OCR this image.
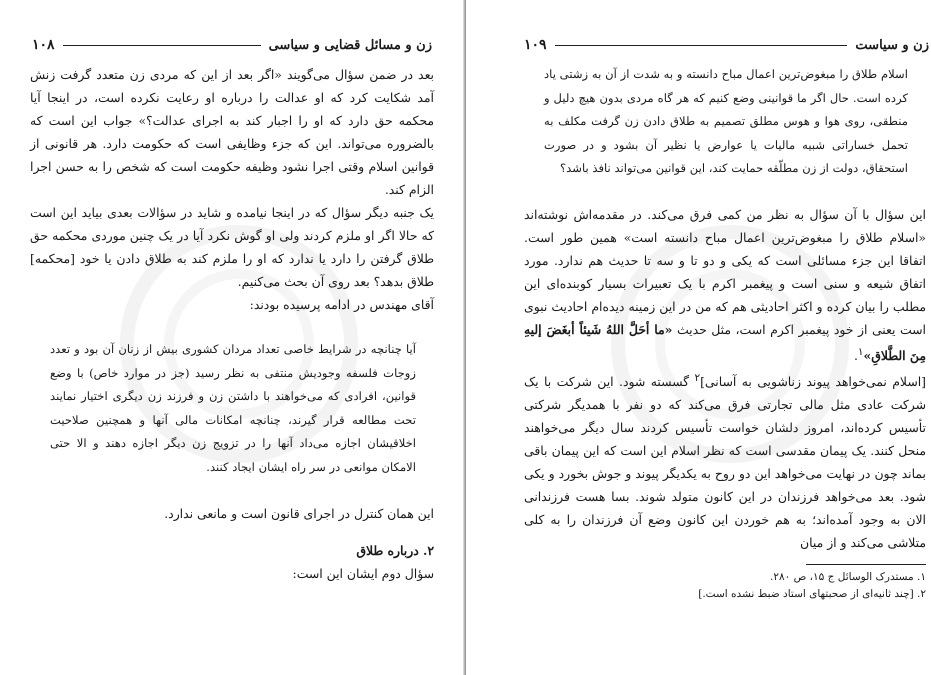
زن و مسائل قضایی و سیاسی
۱۰۸

بعد در ضمن سؤال می‌گویند «اگر بعد از این که مردی زن متعدد گرفت زنش آمد شکایت کرد که او عدالت را درباره او رعایت نکرده است، در اینجا آیا محکمه حق دارد که او را اجبار کند به اجرای عدالت؟» جواب این است که بالضروره می‌تواند. این که جزء وظایفی است که حکومت دارد. هر قانونی از قوانین اسلام وقتی اجرا نشود وظیفه حکومت است که شخص را به حسن اجرا الزام کند.

یک جنبه دیگر سؤال که در اینجا نیامده و شاید در سؤالات بعدی بیاید این است که حالا اگر او ملزم کردند ولی او گوش نکرد آیا در یک چنین موردی محکمه حق طلاق گرفتن را دارد یا ندارد که او را ملزم کند به طلاق دادن یا خود [محکمه] طلاق بدهد؟ بعد روی آن بحث می‌کنیم.

آقای مهندس در ادامه پرسیده بودند:

آیا چنانچه در شرایط خاصی تعداد مردان کشوری بیش از زنان آن بود و تعدد زوجات فلسفه وجودیش منتفی به نظر رسید (جز در موارد خاص) با وضع قوانین، افرادی که می‌خواهند با داشتن زن و فرزند زن دیگری اختیار نمایند تحت مطالعه قرار گیرند، چنانچه امکانات مالی آنها و همچنین صلاحیت اخلاقیشان اجازه می‌داد آنها را در تزویج زن دیگر اجازه دهند و الا حتی الامکان موانعی در سر راه ایشان ایجاد کنند.

این همان کنترل در اجرای قانون است و مانعی ندارد.

۲. درباره طلاق

سؤال دوم ایشان این است:

زن و سیاست
۱۰۹

اسلام طلاق را مبغوض‌ترین اعمال مباح دانسته و به شدت از آن به زشتی یاد کرده است. حال اگر ما قوانینی وضع کنیم که هر گاه مردی بدون هیچ دلیل و منطقی، روی هوا و هوس مطلق تصمیم به طلاق دادن زن گرفت مکلف به تحمل خساراتی شبیه مالیات یا عوارض یا نظیر آن بشود و در صورت استحقاق، دولت از زن مطلّقه حمایت کند، این قوانین می‌تواند نافذ باشد؟

این سؤال با آن سؤال به نظر من کمی فرق می‌کند. در مقدمه‌اش نوشته‌اند «اسلام طلاق را مبغوض‌ترین اعمال مباح دانسته است» همین طور است. اتفاقا این جزء مسائلی است که یکی و دو تا و سه تا حدیث هم ندارد. مورد اتفاق شیعه و سنی است و پیغمبر اکرم با یک تعبیرات بسیار کوبنده‌ای این مطلب را بیان کرده و اکثر احادیثی هم که من در این زمینه دیده‌ام احادیث نبوی است یعنی از خود پیغمبر اکرم است، مثل حدیث «ما أحَلَّ اللهُ شَيئاً أبغَضَ إليهِ مِنَ الطَّلاقِ»$^۱$.

[اسلام نمی‌خواهد پیوند زناشویی به آسانی]$^۲$ گسسته شود. این شرکت با یک شرکت عادی مثل مالی تجارتی فرق می‌کند که دو نفر با همدیگر شرکتی تأسیس کرده‌اند، امروز دلشان خواست تأسیس کردند سال دیگر می‌خواهند منحل کنند. یک پیمان مقدسی است که نظر اسلام این است که این پیمان باقی بماند چون در نهایت می‌خواهد این دو روح به یکدیگر پیوند و جوش بخورد و یکی شود. بعد می‌خواهد فرزندان در این کانون متولد شوند. بسا هست فرزندانی الان به وجود آمده‌اند؛ به هم خوردن این کانون وضع آن فرزندان را به کلی متلاشی می‌کند و از میان

۱. مستدرک الوسائل ج ۱۵، ص ۲۸۰.
۲. [چند ثانیه‌ای از صحبتهای استاد ضبط نشده است.]
